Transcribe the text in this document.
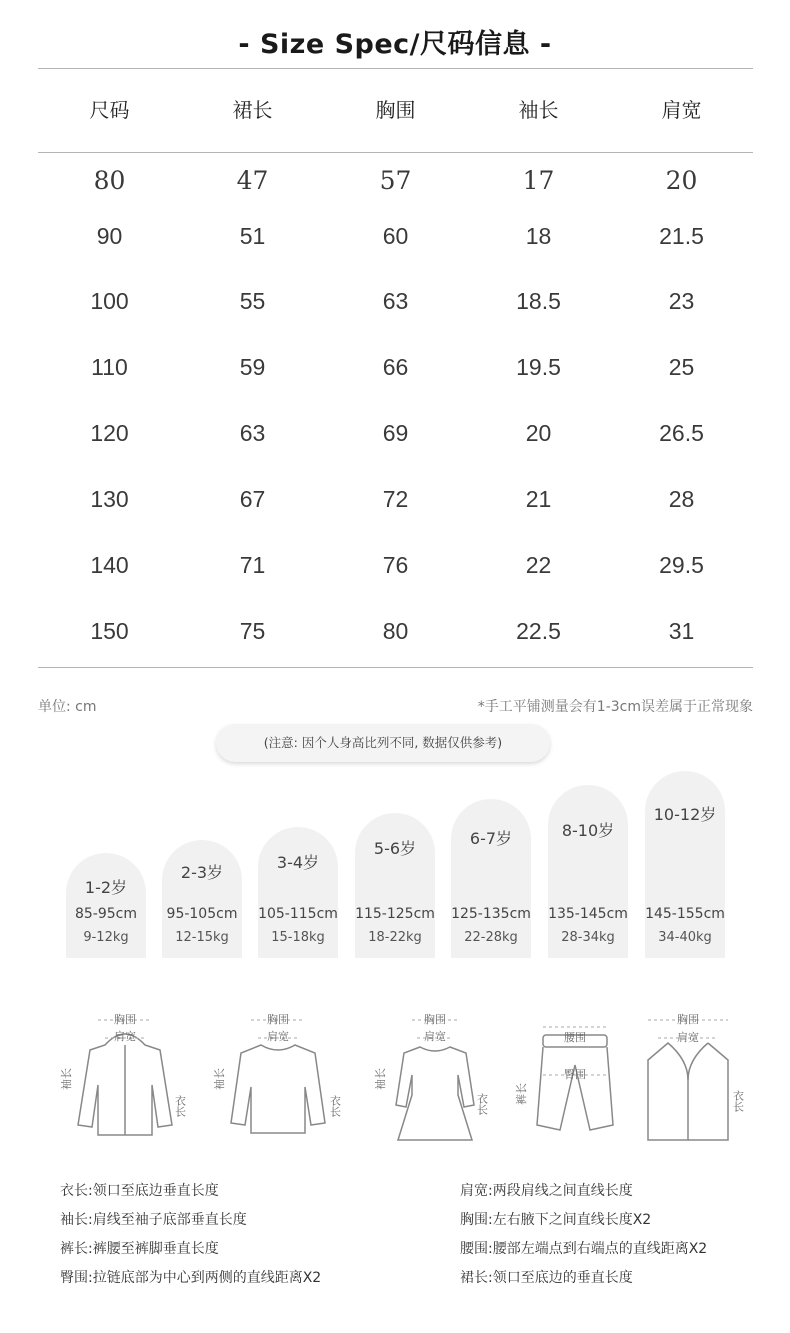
- Size Spec/尺码信息 -
尺码	裙长	胸围	袖长	肩宽
80	47	57	17	20
90	51	60	18	21.5
100	55	63	18.5	23
110	59	66	19.5	25
120	63	69	20	26.5
130	67	72	21	28
140	71	76	22	29.5
150	75	80	22.5	31
单位: cm	*手工平铺测量会有1-3cm误差属于正常现象
(注意: 因个人身高比列不同, 数据仅供参考)
1-2岁
85-95cm
9-12kg
2-3岁
95-105cm
12-15kg
3-4岁
105-115cm
15-18kg
5-6岁
115-125cm
18-22kg
6-7岁
125-135cm
22-28kg
8-10岁
135-145cm
28-34kg
10-12岁
145-155cm
34-40kg
胸围
肩宽
袖长
衣长
胸围
肩宽
袖长
衣长
胸围
肩宽
袖长
衣长
腰围
臀围
裤长
胸围
肩宽
衣长
衣长:领口至底边垂直长度
袖长:肩线至袖子底部垂直长度
裤长:裤腰至裤脚垂直长度
臀围:拉链底部为中心到两侧的直线距离X2
肩宽:两段肩线之间直线长度
胸围:左右腋下之间直线长度X2
腰围:腰部左端点到右端点的直线距离X2
裙长:领口至底边的垂直长度
